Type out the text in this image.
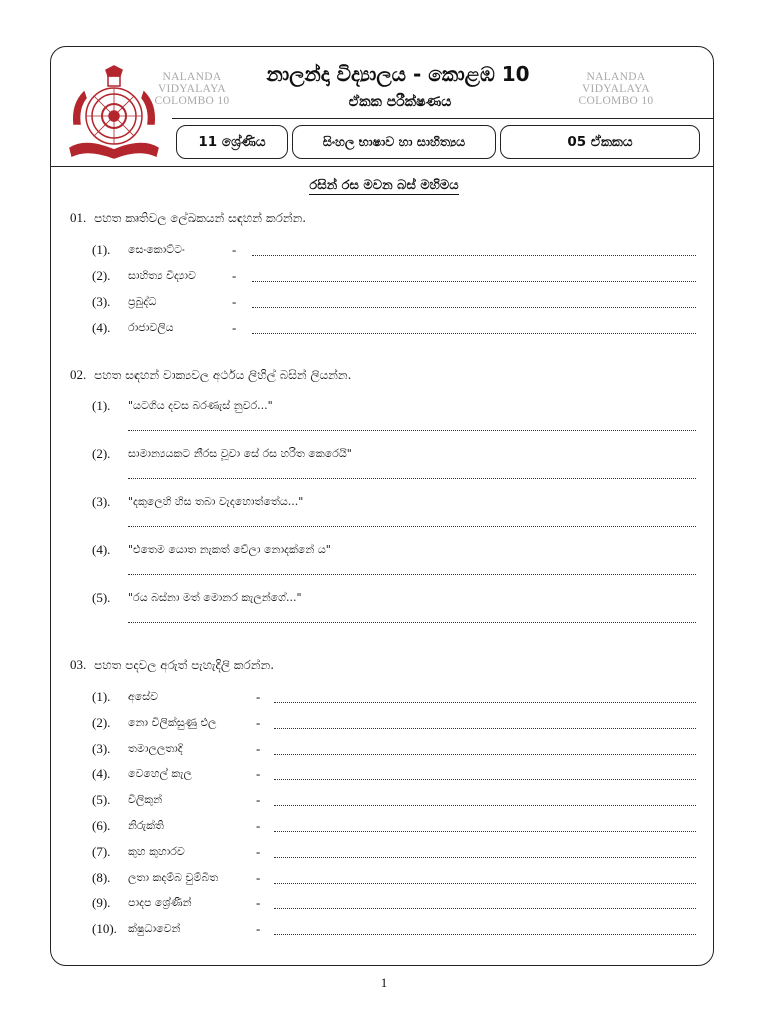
NALANDA
VIDYALAYA
COLOMBO 10
NALANDA
VIDYALAYA
COLOMBO 10
නාලන්දා විද්‍යාලය - කොළඹ 10
ඒකක පරීක්ෂණය
11 ශ්‍රේණිය	සිංහල භාෂාව හා සාහිත්‍යය	05 ඒකකය
රසින් රස මවන බස් මහිමය
01. පහත කෘතිවල ලේඛකයන් සඳහන් කරන්න.
(1). සෙංකොට්ටං	-
(2). සාහිත්‍ය විද්‍යාව	-
(3). ප්‍රබුද්ධ	-
(4). රාජාවලිය	-
02. පහත සඳහන් වාක්‍යවල අර්ථය ලිහිල් බසින් ලියන්න.
(1). "යටගිය දවස බරණැස් නුවර..."
(2). සාමාන්‍යයකට නීරස වූවා සේ රස හරිත කෙරෙයි"
(3). "දකුලෙහි හිස තබා වැදහොත්තේය..."
(4). "එතෙම යොත නැකත් වේලා නොදක්නේ ය"
(5). "රය බස්නා මත් මොනර කැලන්ගේ..."
03. පහත පදවල අරුත් පැහැදිලි කරන්න.
(1). අසේව	-
(2). නො විලික්සුණු එල	-
(3). තමාලලතාදි	-
(4). වෙහෙල් කැල	-
(5). විලිකුන්	-
(6). නිරුක්ති	-
(7). කුහ කුහාරව	-
(8). ලතා කදම්බ චුම්බිත	-
(9). පාදප ශ්‍රේණීන්	-
(10). ක්ෂුධාවෙන්	-
1
